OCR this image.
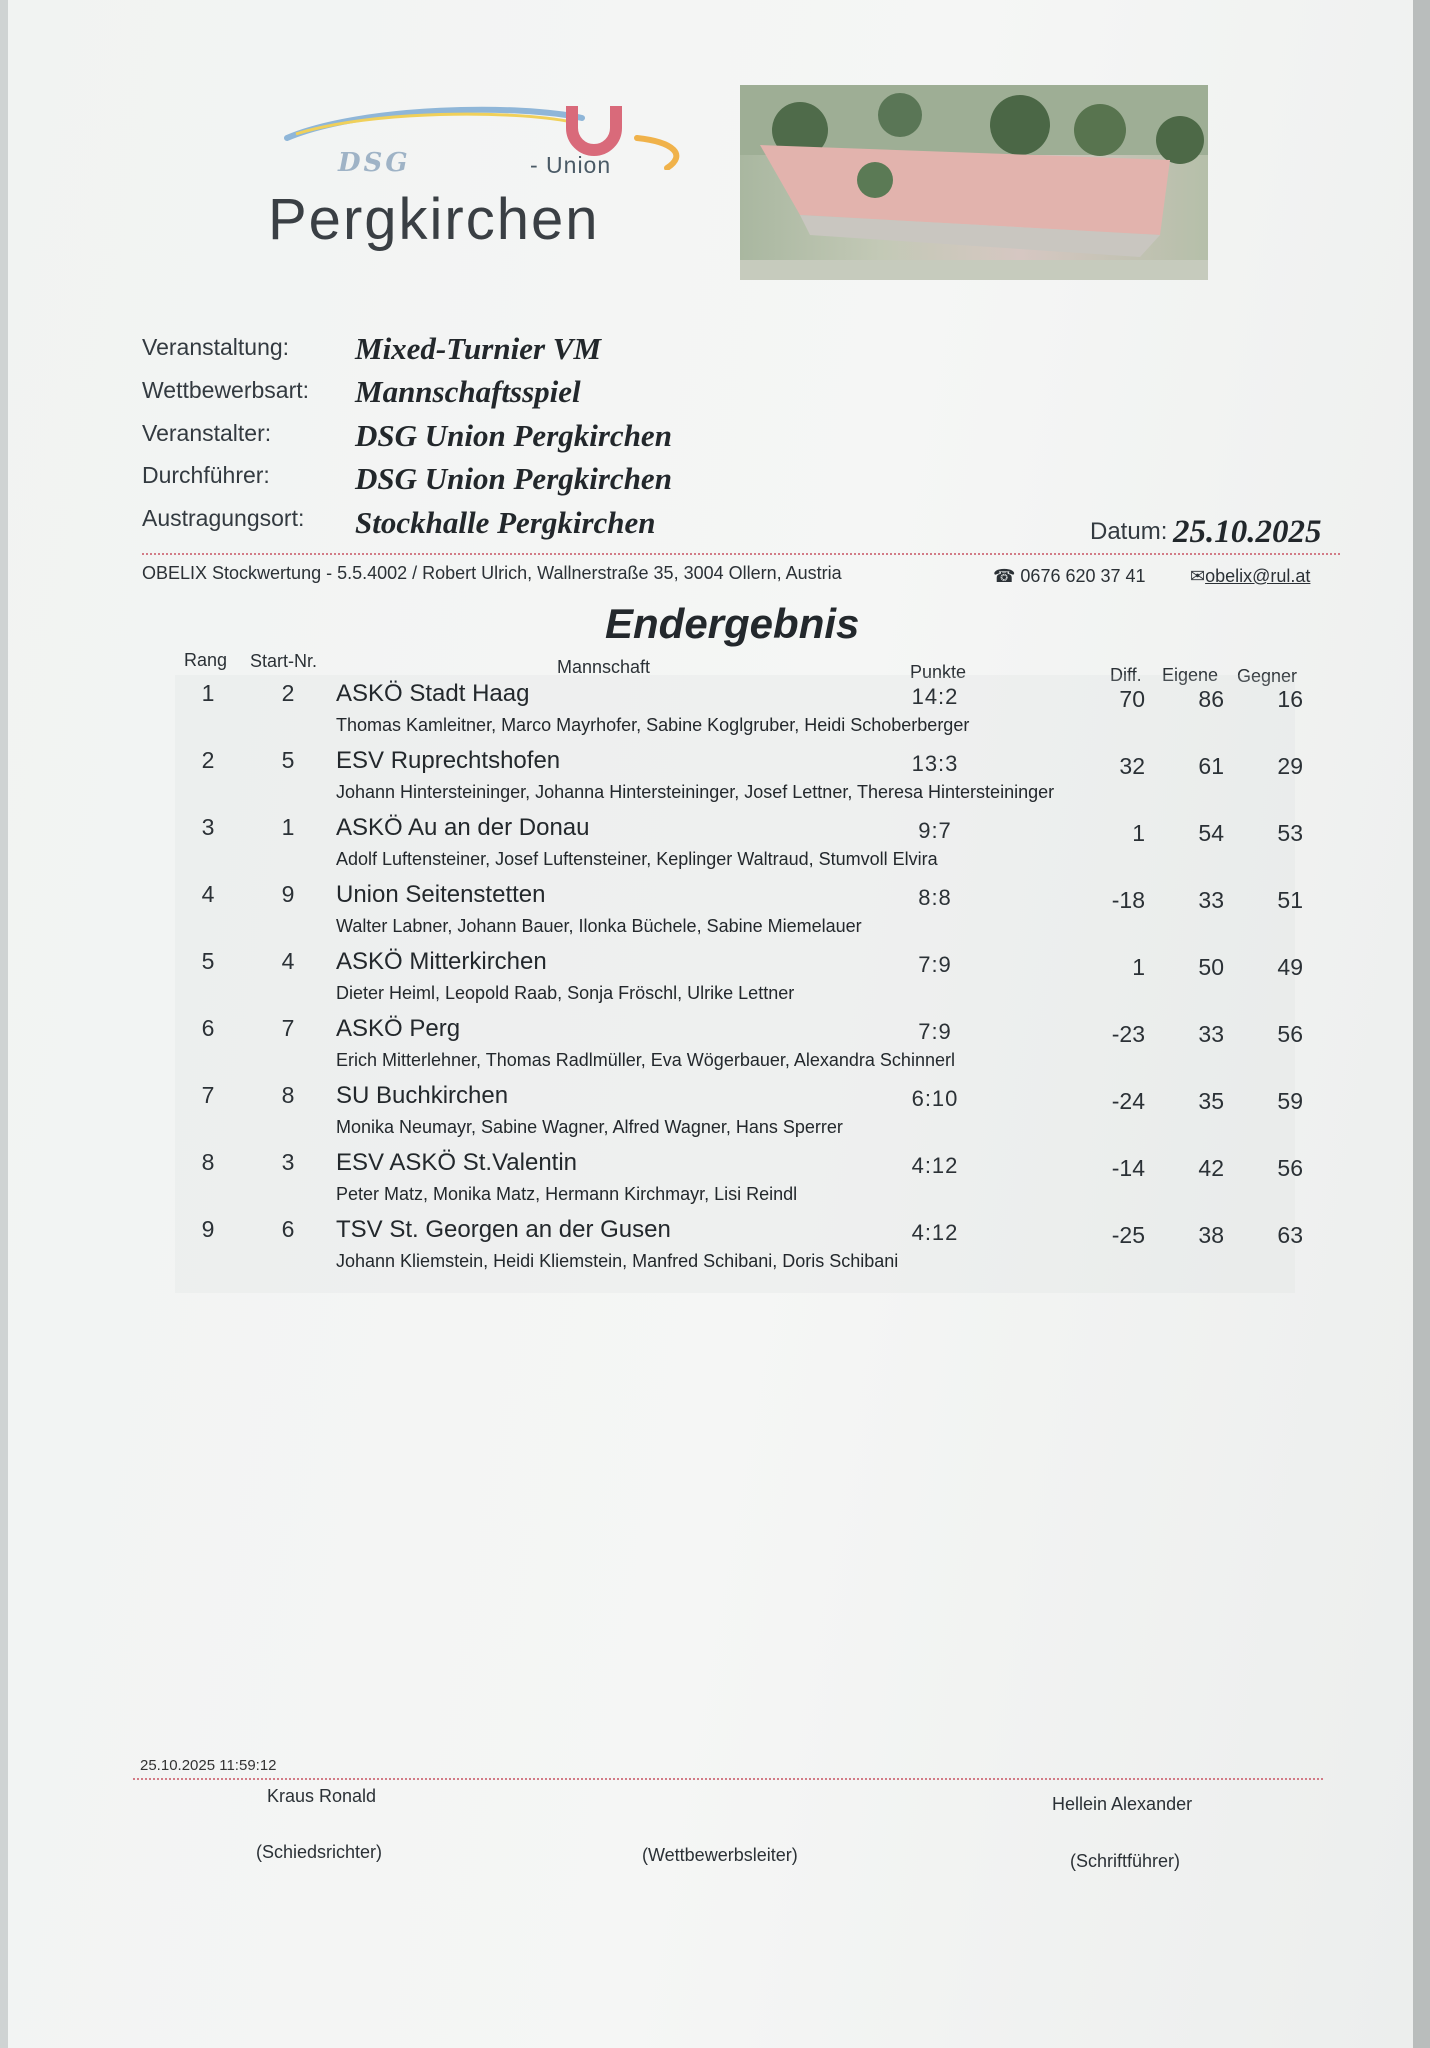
DSG	- Union
Pergkirchen
Veranstaltung: Mixed-Turnier VM
Wettbewerbsart: Mannschaftsspiel
Veranstalter:	DSG Union Pergkirchen
Durchführer:	DSG Union Pergkirchen
Austragungsort: Stockhalle Pergkirchen	Datum: 25.10.2025
OBELIX Stockwertung - 5.5.4002 / Robert Ulrich, Wallnerstraße 35, 3004 Ollern, Austria	☎ 0676 620 37 41 ✉obelix@rul.at
Endergebnis
Rang Start-Nr.	Mannschaft	Punkte	Diff. Eigene Gegner
1	2	ASKÖ Stadt Haag
Thomas Kamleitner, Marco Mayrhofer, Sabine Koglgruber, Heidi Schoberberger
14:2	70	86	16
2	5	ESV Ruprechtshofen
Johann Hintersteininger, Johanna Hintersteininger, Josef Lettner, Theresa Hintersteininger
13:3	32	61	29
3	1	ASKÖ Au an der Donau
Adolf Luftensteiner, Josef Luftensteiner, Keplinger Waltraud, Stumvoll Elvira
9:7	1	54	53
4	9	Union Seitenstetten
Walter Labner, Johann Bauer, Ilonka Büchele, Sabine Miemelauer
8:8	-18	33	51
5	4	ASKÖ Mitterkirchen
Dieter Heiml, Leopold Raab, Sonja Fröschl, Ulrike Lettner
7:9	1	50	49
6	7	ASKÖ Perg
Erich Mitterlehner, Thomas Radlmüller, Eva Wögerbauer, Alexandra Schinnerl
7:9	-23	33	56
7	8	SU Buchkirchen
Monika Neumayr, Sabine Wagner, Alfred Wagner, Hans Sperrer
6:10	-24	35	59
8	3	ESV ASKÖ St.Valentin
Peter Matz, Monika Matz, Hermann Kirchmayr, Lisi Reindl
4:12	-14	42	56
9	6	TSV St. Georgen an der Gusen
Johann Kliemstein, Heidi Kliemstein, Manfred Schibani, Doris Schibani
4:12	-25	38	63
25.10.2025 11:59:12
Kraus Ronald	Hellein Alexander
(Schiedsrichter)	(Wettbewerbsleiter)	(Schriftführer)
